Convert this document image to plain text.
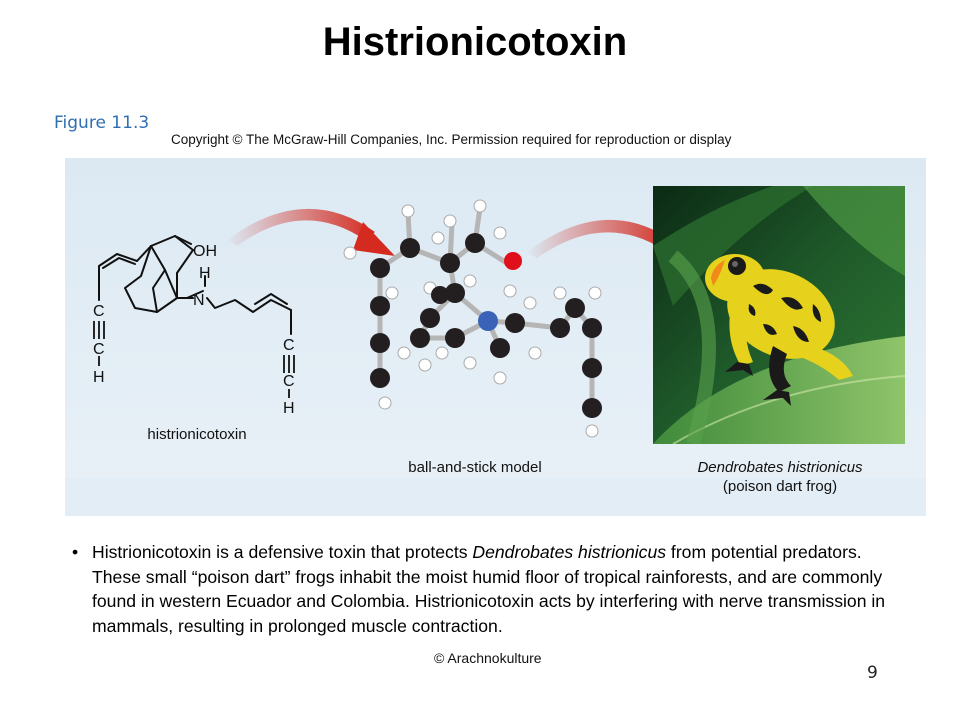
Histrionicotoxin
Figure 11.3
Copyright © The McGraw-Hill Companies, Inc. Permission required for reproduction or display
OH
H
N
C
C
H
C
C
H
histrionicotoxin
ball-and-stick model	Dendrobates histrionicus
(poison dart frog)
• Histrionicotoxin is a defensive toxin that protects Dendrobates histrionicus from potential predators. These small “poison dart” frogs inhabit the moist humid floor of tropical rainforests, and are commonly found in western Ecuador and Colombia. Histrionicotoxin acts by interfering with nerve transmission in mammals, resulting in prolonged muscle contraction.
© Arachnokulture
9
